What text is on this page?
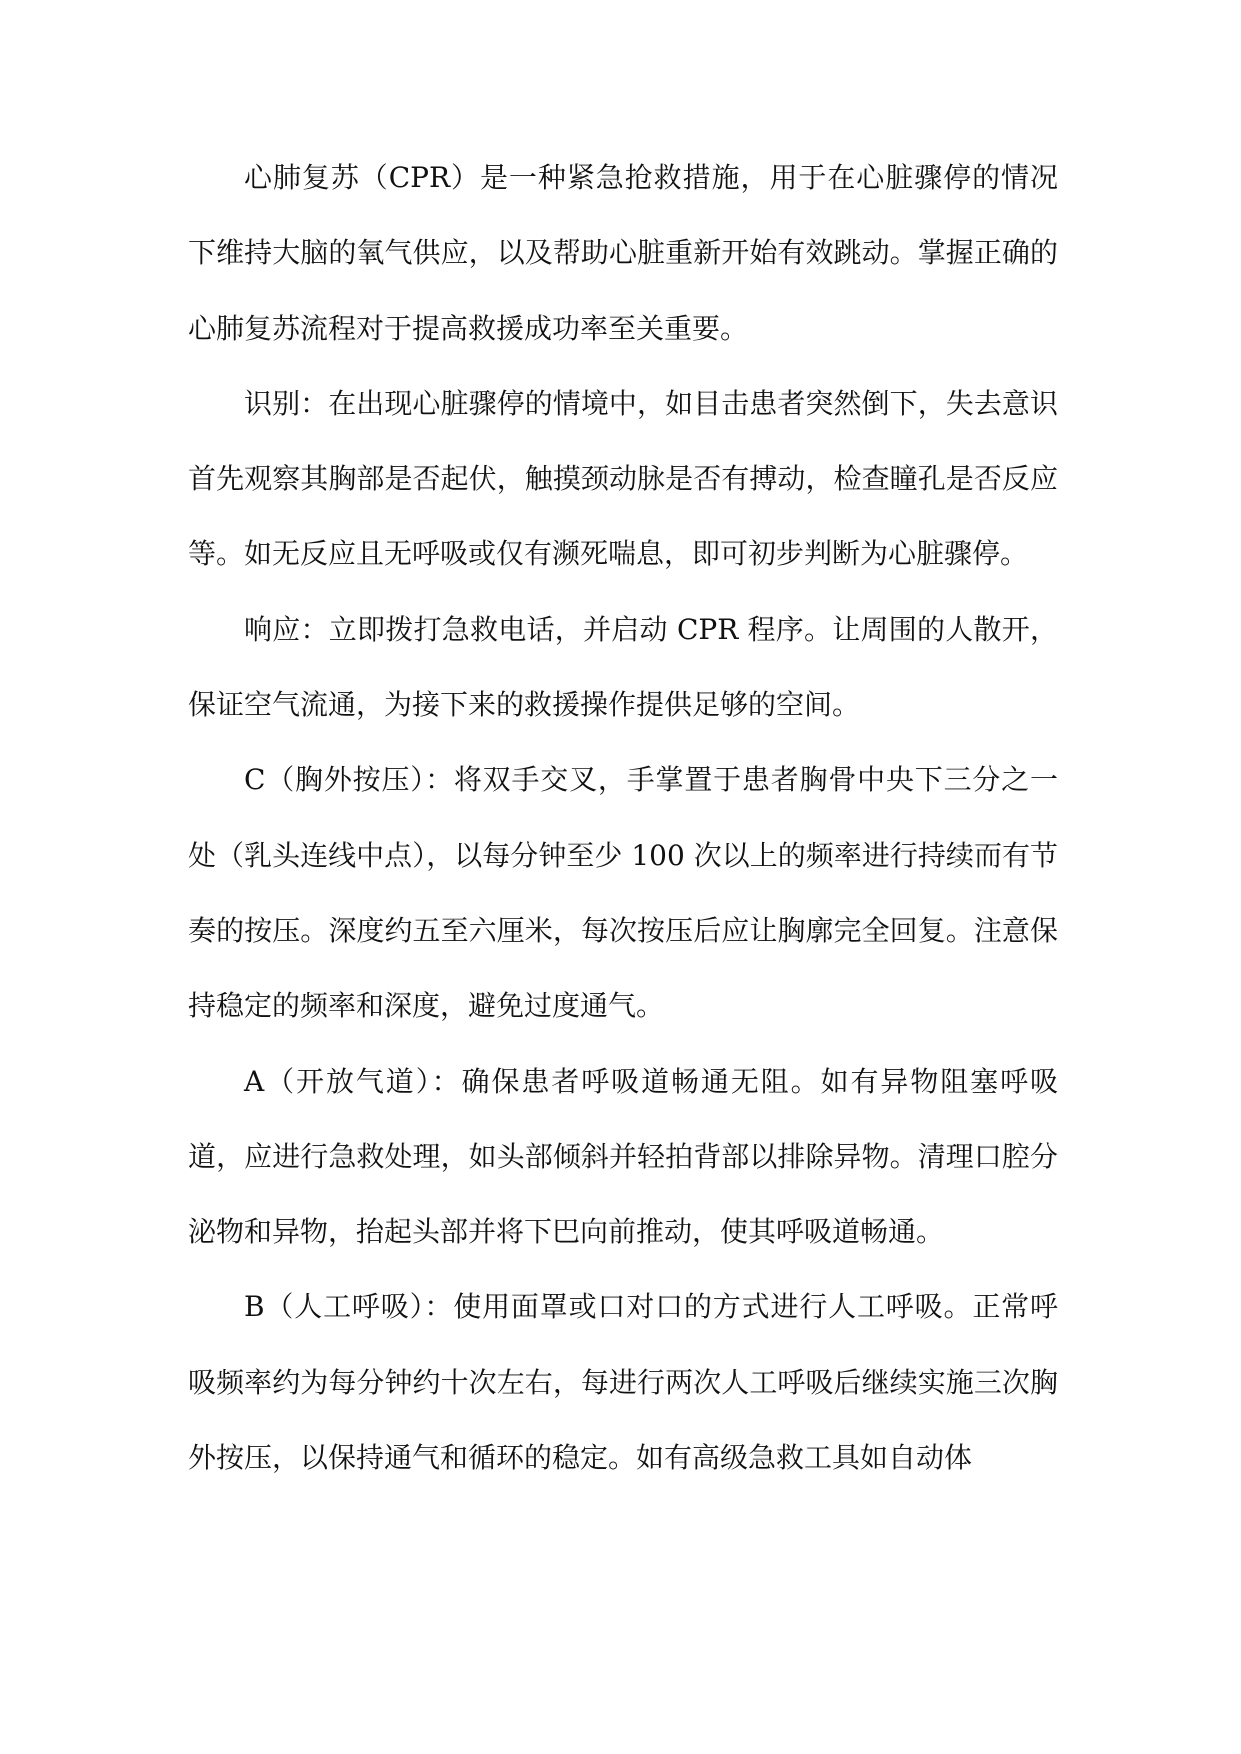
心肺复苏（CPR）是一种紧急抢救措施，用于在心脏骤停的情况下维持大脑的氧气供应，以及帮助心脏重新开始有效跳动。掌握正确的心肺复苏流程对于提高救援成功率至关重要。

识别：在出现心脏骤停的情境中，如目击患者突然倒下，失去意识首先观察其胸部是否起伏，触摸颈动脉是否有搏动，检查瞳孔是否反应等。如无反应且无呼吸或仅有濒死喘息，即可初步判断为心脏骤停。

响应：立即拨打急救电话，并启动 CPR 程序。让周围的人散开，保证空气流通，为接下来的救援操作提供足够的空间。

C（胸外按压）：将双手交叉，手掌置于患者胸骨中央下三分之一处（乳头连线中点），以每分钟至少 100 次以上的频率进行持续而有节奏的按压。深度约五至六厘米，每次按压后应让胸廓完全回复。注意保持稳定的频率和深度，避免过度通气。

A（开放气道）：确保患者呼吸道畅通无阻。如有异物阻塞呼吸道，应进行急救处理，如头部倾斜并轻拍背部以排除异物。清理口腔分泌物和异物，抬起头部并将下巴向前推动，使其呼吸道畅通。

B（人工呼吸）：使用面罩或口对口的方式进行人工呼吸。正常呼吸频率约为每分钟约十次左右，每进行两次人工呼吸后继续实施三次胸外按压，以保持通气和循环的稳定。如有高级急救工具如自动体
